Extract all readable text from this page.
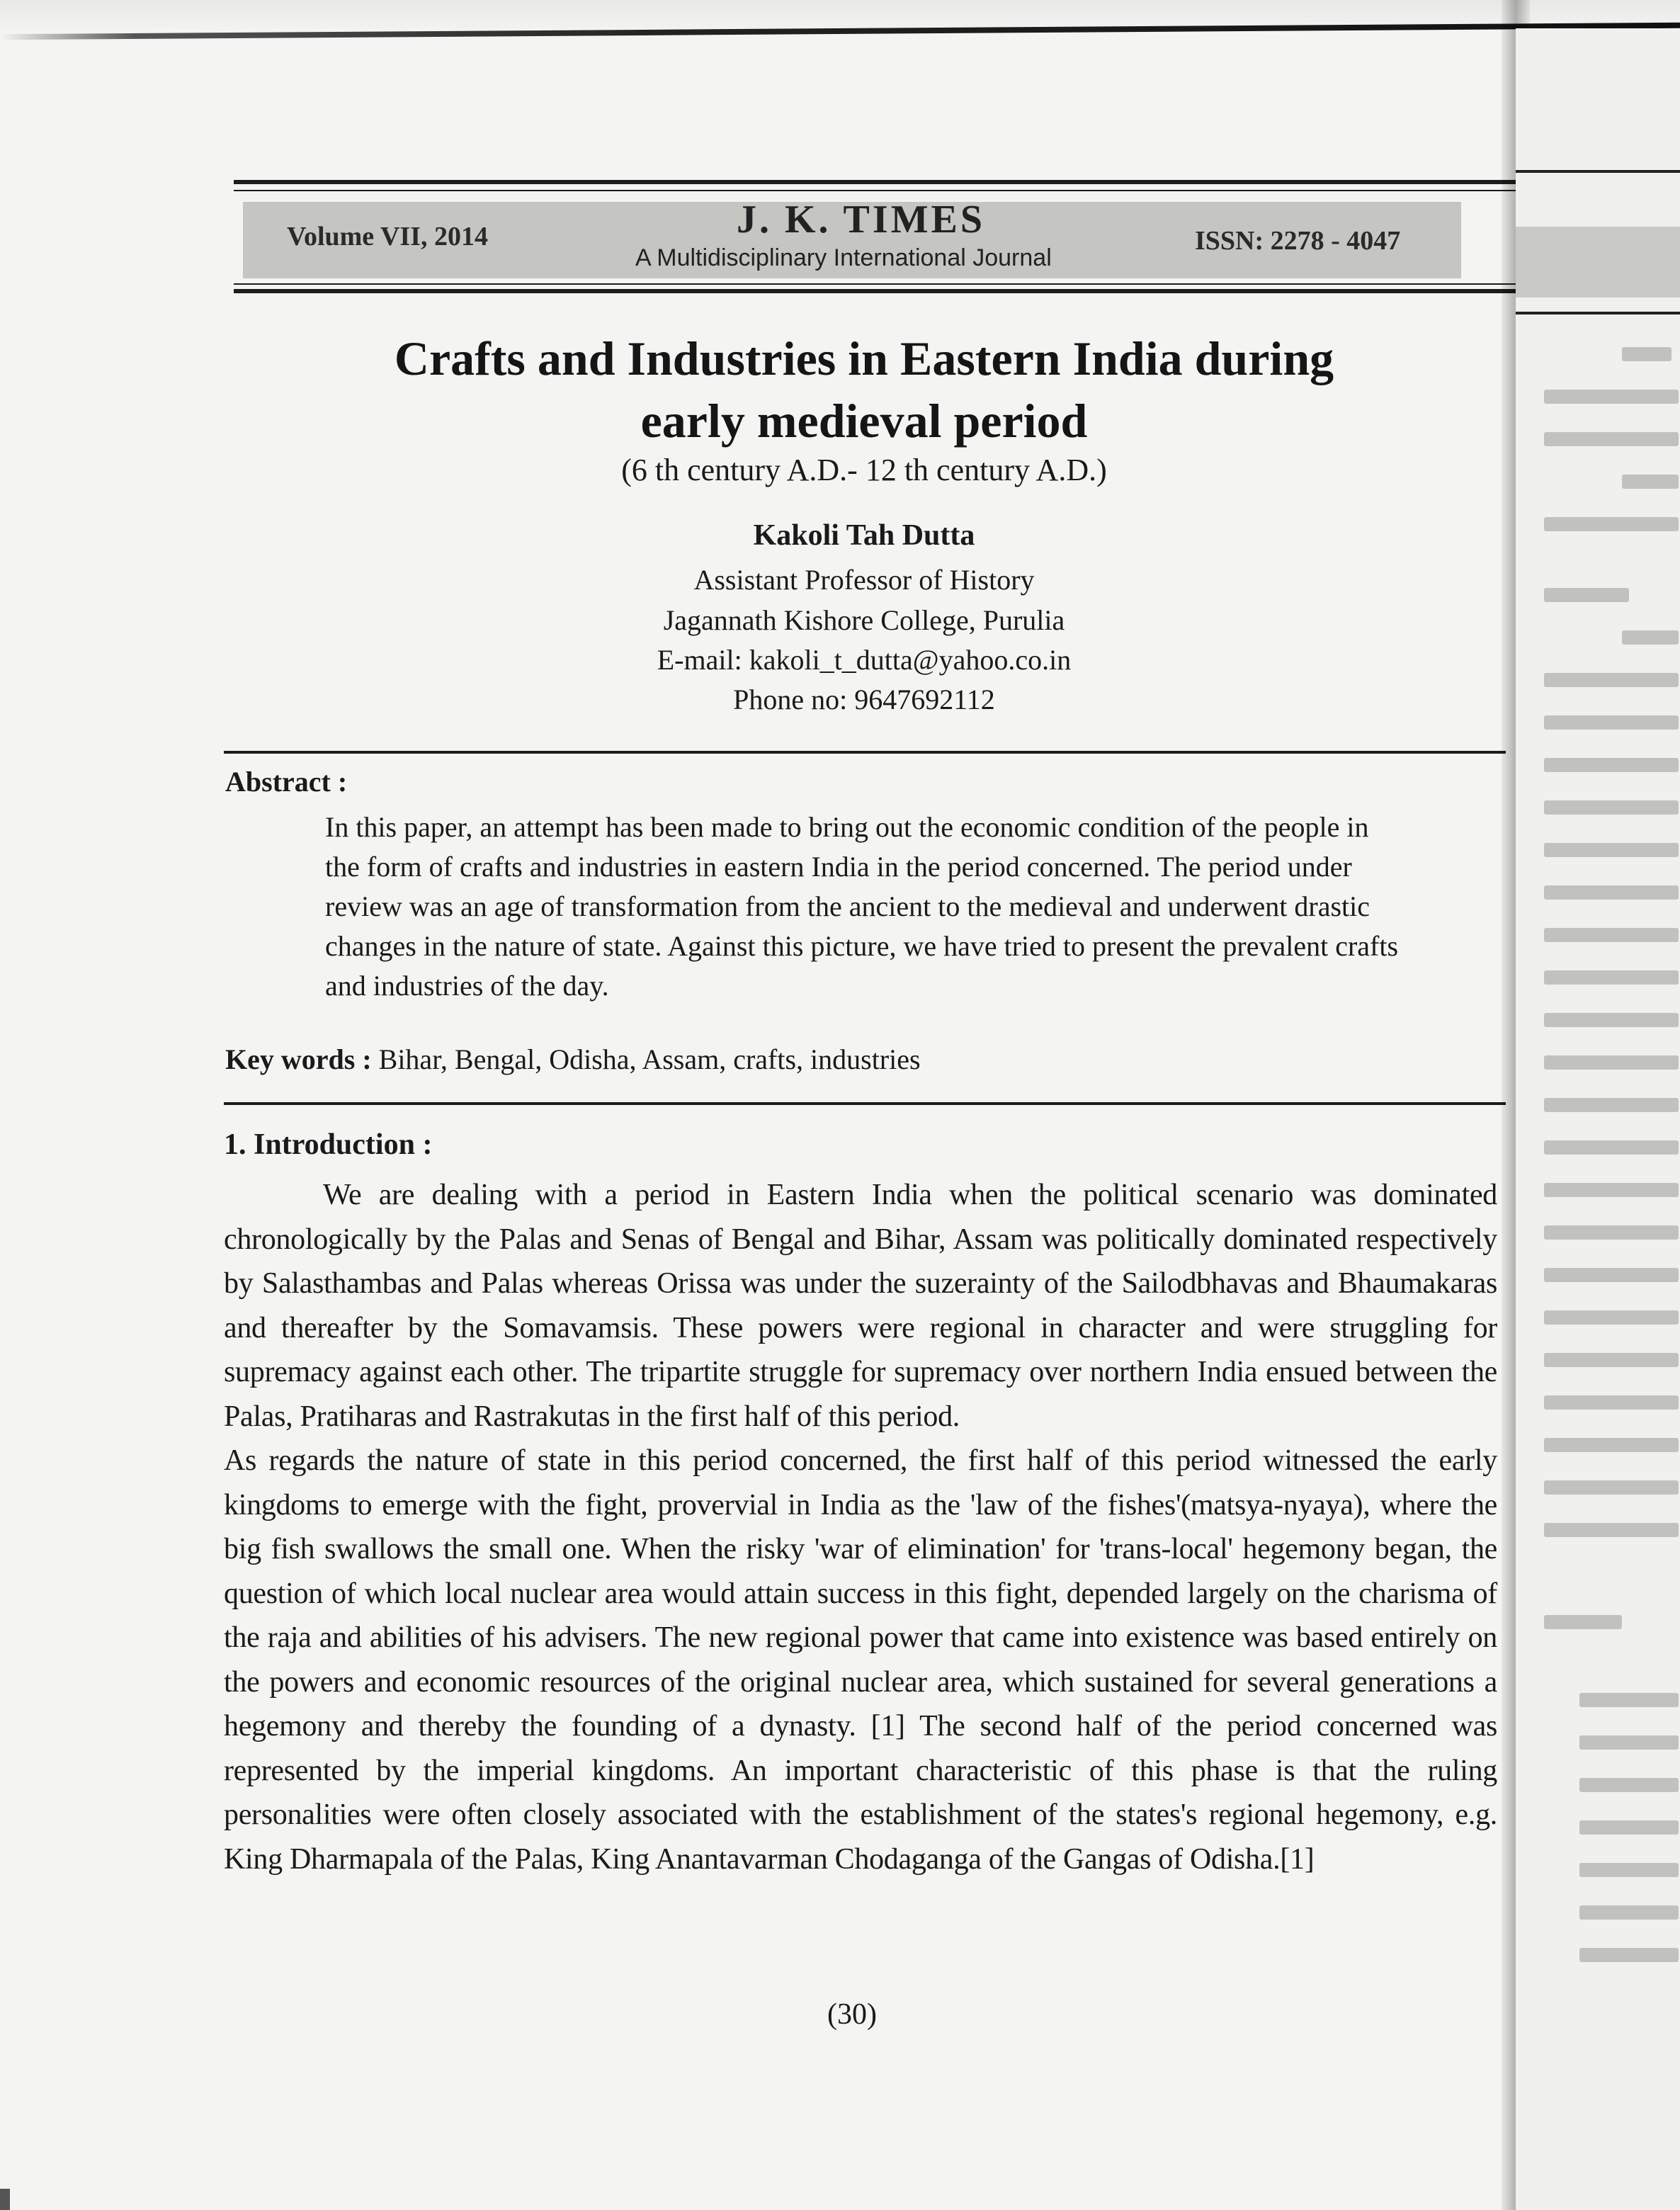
Volume VII, 2014	J. K. TIMES
A Multidisciplinary International Journal
ISSN: 2278 - 4047
Crafts and Industries in Eastern India during
early medieval period
(6 th century A.D.- 12 th century A.D.)
Kakoli Tah Dutta
Assistant Professor of History
Jagannath Kishore College, Purulia
E-mail: kakoli_t_dutta@yahoo.co.in
Phone no: 9647692112
Abstract :

In this paper, an attempt has been made to bring out the economic condition of the people in the form of crafts and industries in eastern India in the period concerned. The period under review was an age of transformation from the ancient to the medieval and underwent drastic changes in the nature of state. Against this picture, we have tried to present the prevalent crafts and industries of the day.

Key words : Bihar, Bengal, Odisha, Assam, crafts, industries
1. Introduction :

We are dealing with a period in Eastern India when the political scenario was dominated chronologically by the Palas and Senas of Bengal and Bihar, Assam was politically dominated respectively by Salasthambas and Palas whereas Orissa was under the suzerainty of the Sailodbhavas and Bhaumakaras and thereafter by the Somavamsis. These powers were regional in character and were struggling for supremacy against each other. The tripartite struggle for supremacy over northern India ensued between the Palas, Pratiharas and Rastrakutas in the first half of this period.

As regards the nature of state in this period concerned, the first half of this period witnessed the early kingdoms to emerge with the fight, provervial in India as the 'law of the fishes'(matsya-nyaya), where the big fish swallows the small one. When the risky 'war of elimination' for 'trans-local' hegemony began, the question of which local nuclear area would attain success in this fight, depended largely on the charisma of the raja and abilities of his advisers. The new regional power that came into existence was based entirely on the powers and economic resources of the original nuclear area, which sustained for several generations a hegemony and thereby the founding of a dynasty. [1] The second half of the period concerned was represented by the imperial kingdoms. An important characteristic of this phase is that the ruling personalities were often closely associated with the establishment of the states's regional hegemony, e.g. King Dharmapala of the Palas, King Anantavarman Chodaganga of the Gangas of Odisha.[1]

(30)
